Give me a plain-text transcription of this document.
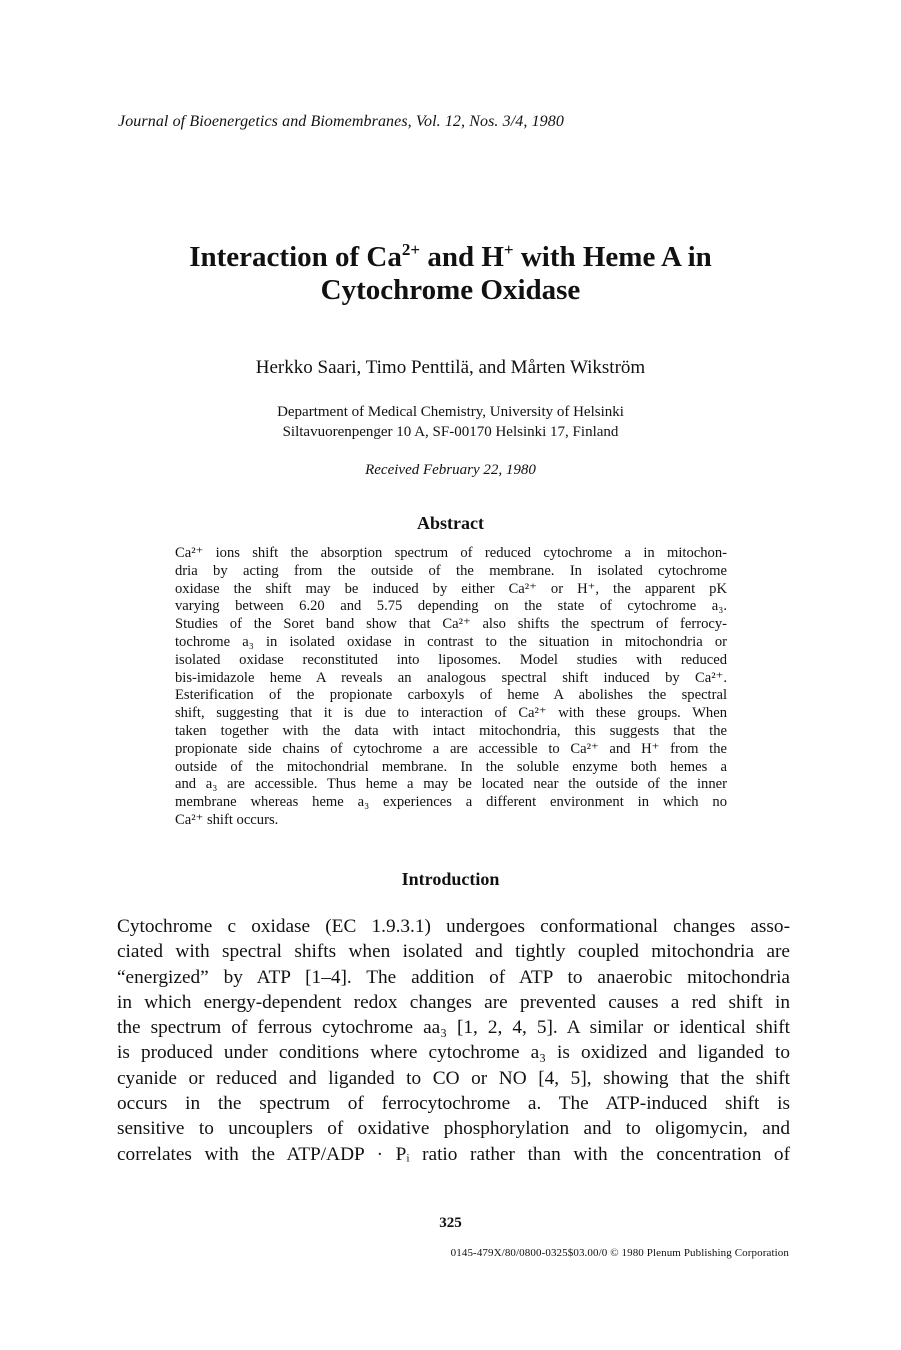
Journal of Bioenergetics and Biomembranes, Vol. 12, Nos. 3/4, 1980
Interaction of $Ca^{2+}$ and H+ with Heme A in
Cytochrome Oxidase
Herkko Saari, Timo Penttilä, and Mårten Wikström
Department of Medical Chemistry, University of Helsinki
Siltavuorenpenger 10 A, SF-00170 Helsinki 17, Finland
Received February 22, 1980
Abstract
Ca²⁺ ions shift the absorption spectrum of reduced cytochrome a in mitochon-
dria by acting from the outside of the membrane. In isolated cytochrome
oxidase the shift may be induced by either Ca²⁺ or H⁺, the apparent pK
varying between 6.20 and 5.75 depending on the state of cytochrome a₃.
Studies of the Soret band show that Ca²⁺ also shifts the spectrum of ferrocy-
tochrome a₃ in isolated oxidase in contrast to the situation in mitochondria or
isolated oxidase reconstituted into liposomes. Model studies with reduced
bis-imidazole heme A reveals an analogous spectral shift induced by Ca²⁺.
Esterification of the propionate carboxyls of heme A abolishes the spectral
shift, suggesting that it is due to interaction of Ca²⁺ with these groups. When
taken together with the data with intact mitochondria, this suggests that the
propionate side chains of cytochrome a are accessible to Ca²⁺ and H⁺ from the
outside of the mitochondrial membrane. In the soluble enzyme both hemes a
and a₃ are accessible. Thus heme a may be located near the outside of the inner
membrane whereas heme a₃ experiences a different environment in which no
Ca²⁺ shift occurs.
Introduction
Cytochrome c oxidase (EC 1.9.3.1) undergoes conformational changes asso-
ciated with spectral shifts when isolated and tightly coupled mitochondria are
“energized” by ATP [1–4]. The addition of ATP to anaerobic mitochondria
in which energy-dependent redox changes are prevented causes a red shift in
the spectrum of ferrous cytochrome aa₃ [1, 2, 4, 5]. A similar or identical shift
is produced under conditions where cytochrome a₃ is oxidized and liganded to
cyanide or reduced and liganded to CO or NO [4, 5], showing that the shift
occurs in the spectrum of ferrocytochrome a. The ATP-induced shift is
sensitive to uncouplers of oxidative phosphorylation and to oligomycin, and
correlates with the ATP/ADP · Pᵢ ratio rather than with the concentration of
325
0145-479X/80/0800-0325$03.00/0 © 1980 Plenum Publishing Corporation
